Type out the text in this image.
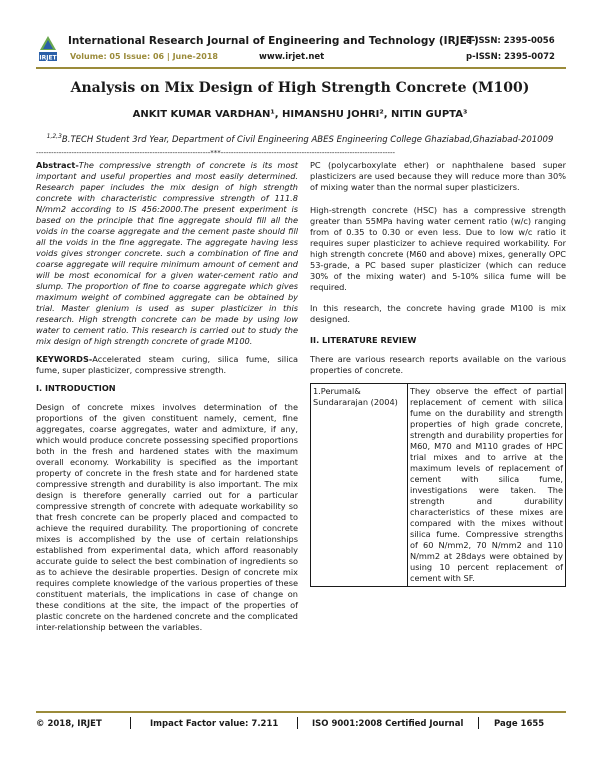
IRJET
International Research Journal of Engineering and Technology (IRJET)
e-ISSN: 2395-0056
Volume: 05 Issue: 06 | June-2018	www.irjet.net	p-ISSN: 2395-0072
Analysis on Mix Design of High Strength Concrete (M100)
ANKIT KUMAR VARDHAN¹, HIMANSHU JOHRI², NITIN GUPTA³
$^{1,2,3}$B.TECH Student 3rd Year, Department of Civil Engineering ABES Engineering College Ghaziabad,Ghaziabad-201009
---------------------------------------------------------------------***---------------------------------------------------------------------

Abstract-The compressive strength of concrete is its most important and useful properties and most easily determined. Research paper includes the mix design of high strength concrete with characteristic compressive strength of 111.8 N/mm2 according to IS 456:2000.The present experiment is based on the principle that fine aggregate should fill all the voids in the coarse aggregate and the cement paste should fill all the voids in the fine aggregate. The aggregate having less voids gives stronger concrete. such a combination of fine and coarse aggregate will require minimum amount of cement and will be most economical for a given water-cement ratio and slump. The proportion of fine to coarse aggregate which gives maximum weight of combined aggregate can be obtained by trial. Master glenium is used as super plasticizer in this research. High strength concrete can be made by using low water to cement ratio. This research is carried out to study the mix design of high strength concrete of grade M100.

KEYWORDS-Accelerated steam curing, silica fume, silica fume, super plasticizer, compressive strength.

I. INTRODUCTION

Design of concrete mixes involves determination of the proportions of the given constituent namely, cement, fine aggregates, coarse aggregates, water and admixture, if any, which would produce concrete possessing specified proportions both in the fresh and hardened states with the maximum overall economy. Workability is specified as the important property of concrete in the fresh state and for hardened state compressive strength and durability is also important. The mix design is therefore generally carried out for a particular compressive strength of concrete with adequate workability so that fresh concrete can be properly placed and compacted to achieve the required durability. The proportioning of concrete mixes is accomplished by the use of certain relationships established from experimental data, which afford reasonably accurate guide to select the best combination of ingredients so as to achieve the desirable properties. Design of concrete mix requires complete knowledge of the various properties of these constituent materials, the implications in case of change on these conditions at the site, the impact of the properties of plastic concrete on the hardened concrete and the complicated inter-relationship between the variables.

PC (polycarboxylate ether) or naphthalene based super plasticizers are used because they will reduce more than 30% of mixing water than the normal super plasticizers.

High-strength concrete (HSC) has a compressive strength greater than 55MPa having water cement ratio (w/c) ranging from of 0.35 to 0.30 or even less. Due to low w/c ratio it requires super plasticizer to achieve required workability. For high strength concrete (M60 and above) mixes, generally OPC 53-grade, a PC based super plasticizer (which can reduce 30% of the mixing water) and 5-10% silica fume will be required.

In this research, the concrete having grade M100 is mix designed.

II. LITERATURE REVIEW

There are various research reports available on the various properties of concrete.

1.Perumal& Sundararajan (2004)	They observe the effect of partial replacement of cement with silica fume on the durability and strength properties of high grade concrete, strength and durability properties for M60, M70 and M110 grades of HPC trial mixes and to arrive at the maximum levels of replacement of cement with silica fume, investigations were taken. The strength and durability characteristics of these mixes are compared with the mixes without silica fume. Compressive strengths of 60 N/mm2, 70 N/mm2 and 110 N/mm2 at 28days were obtained by using 10 percent replacement of cement with SF.
© 2018, IRJET	Impact Factor value: 7.211	ISO 9001:2008 Certified Journal	Page 1655
